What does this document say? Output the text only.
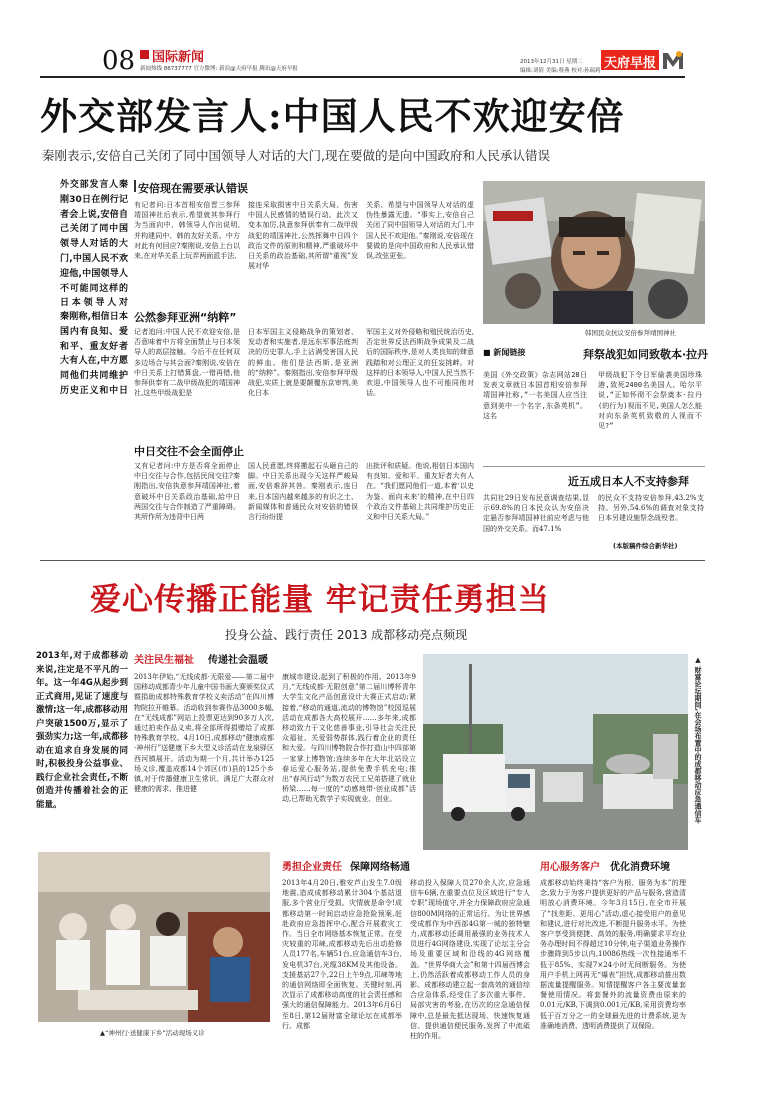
08 国际新闻
新闻热线 86737777 官方微博: 新浪@天府早报 腾讯@天府早报
2013年12月31日 星期二
编辑:刘倩 美编:蔡燕 校对:孙瑞莉 天府早报
外交部发言人:中国人民不欢迎安倍
秦刚表示,安倍自己关闭了同中国领导人对话的大门,现在要做的是向中国政府和人民承认错误
外交部发言人秦刚30日在例行记者会上说,安倍自己关闭了同中国领导人对话的大门,中国人民不欢迎他,中国领导人不可能同这样的日本领导人对
秦刚称,相信日本国内有良知、爱和平、重友好者大有人在,中方愿同他们共同维护历史正义和中日
安倍现在需要承认错误
有记者问:日本首相安倍晋三参拜靖国神社后表示,希望就其参拜行为当面向中、韩领导人作出说明,并构建同中、韩的友好关系。中方对此有何回应?秦刚说,安倍上台以来,在对华关系上玩弄两面派手法,
接连采取损害中日关系大局、伤害中国人民感情的错误行动。此次又变本加厉,执意参拜供奉有二战甲级战犯的靖国神社,公然挥舞中日四个政治文件的原则和精神,严重破坏中日关系的政治基础,其所谓“重视”发展对华
关系、希望与中国领导人对话的虚伪性暴露无遗。“事实上,安倍自己关闭了同中国领导人对话的大门,中国人民不欢迎他。”秦刚说,安倍现在要做的是向中国政府和人民承认错误,改弦更张。
公然参拜亚洲“纳粹”
记者追问:中国人民不欢迎安倍,是否意味着中方将全面禁止与日本领导人的高层接触。今后不在任何双多边场合与其会面?秦刚说,安倍在中日关系上打错算盘,一错再错,他参拜供奉有二战甲级战犯的靖国神社,这些甲级战犯是
日本军国主义侵略战争的策划者、发动者和实施者,是远东军事法庭判决的历史罪人,手上沾满受害国人民的鲜血。他们是法西斯,是亚洲的“纳粹”。秦刚指出,安倍参拜甲级战犯,实质上就是要颠覆东京审判,美化日本
军国主义对外侵略和殖民统治历史,否定世界反法西斯战争成果及二战后的国际秩序,是对人类良知的肆意践踏和对公理正义的狂妄挑衅。对这样的日本领导人,中国人民当然不欢迎,中国领导人也不可能同他对话。
中日交往不会全面停止
又有记者问:中方是否将全面停止中日交往与合作,包括民间交往?秦刚指出,安倍执意参拜靖国神社,着意破坏中日关系政治基础,給中日两国交往与合作制造了严重障碍。其所作所为违背中日两
国人民意愿,终将搬起石头砸自己的脚。中日关系出现今天这样严峻局面,安倍难辞其咎。秦刚表示,连日来,日本国内越来越多的有识之士、新闻媒体和普通民众对安倍的错误言行纷纷提
出批评和质疑。他说,相信日本国内有良知、爱和平、重友好者大有人在。“我们愿同他们一道,本着‘以史为鉴、面向未来’的精神,在中日四个政治文件基础上共同维护历史正义和中日关系大局。”
韩国民众抗议安倍参拜靖国神社
■ 新闻链接	拜祭战犯如同致敬本·拉丹
美国《外交政策》杂志网站28日发表文章就日本国首相安倍参拜靖国神社称,“一名美国人应当注意到美中一个名字,东条英机”。这名
甲级战犯下令日军偷袭美国珍珠港,致死2400名美国人。哈尔平说,“正如怀彻不会祭奠本·拉丹(的行为)视而不见,美国人怎么能对向东条英机致敬的人视而不见?”
近五成日本人不支持参拜
共同社29日发布民意调查结果,显示69.8%的日本民众认为安倍决定悬否参拜靖国神社前应考虑与他国的外交关系。而47.1%
的民众不支持安倍参拜,43.2%支持。另外,54.6%的调查对象支持日本另建设施祭念战殁者。
(本版稿件综合新华社)
爱心传播正能量 牢记责任勇担当
投身公益、践行责任 2013 成都移动亮点频现
2013年,对于成都移动来说,注定是不平凡的一年。这一年4G从起步到正式商用,见证了速度与激情;这一年,成都移动用户突破1500万,显示了强劲实力;这一年,成都移动在追求自身发展的同时,积极投身公益事业、践行企业社会责任,不断创造并传播着社会的正能量。
关注民生福祉 传递社会温暖
2013年伊始,“无线成都·无限爱——第二届中国移动成都青少年儿童中国书画大赛颁奖仪式暨捐助成都特殊教育学校义卖活动”在四川博物院拉开帷幕。活动收到参赛作品3000多幅,在“无线成都”网站上投票更达到90多万人次,通过拍卖作品义卖,将全部所得捐赠给了成都特殊教育学校。4月10日,成都移动“健康成都·神州行”送健康下乡大型义诊活动在龙泉驿区西河镇展开。活动为期一个月,共计举办125场义诊,覆盖成都14个郊区(市)县的125个乡镇,对于传播健康卫生常识、满足广大群众对健康的需求、推进健
康城市建设,起到了积极的作用。2013年9月,“无线成都·无限创意”第二届川博杯青年大学生文化产品创意设计大赛正式启动;紧接着,“移动的通道,流动的博物馆”校园巡展活动在成都各大高校展开……多年来,成都移动致力于文化慈善事业,引导社会关注民众福祉、关爱弱势群体,践行着企业的责任和大爱。与四川博物院合作打造山中四部第一家掌上博物馆;连续多年在大年北站设立春运爱心服务站,提供免费手机充电;推出“春风行动”为数万农民工兄弟搭建了就业桥梁……每一度的“动感地带·创业成都”活动,已帮助无数学子实现就业、创业。	▲ 财富论坛期间,在会场布置中的成都移动应急通信车
▲“神州行·送健康下乡”活动现场义诊
勇担企业责任 保障网络畅通
2013年4月20日,雅安芦山发生7.0级地震,造成成都移动累计304个基站退服,多个营业厅受损。灾情就是命令!成都移动第一时间启动应急抢险预案,赶赴政府应急指挥中心,配合开展救灾工作。当日全市网络基本恢复正常。在受灾较重的邛崃,成都移动先后出动抢修人员177名,车辆51台,应急通信车3台,发电机37台,光缆38KM及其他设备。支援基站27个,22日上午9点,邛崃等地的通信网络即全面恢复。关键时刻,再次显示了成都移动高度的社会责任感和强大的通信保障能力。2013年6月6日至8日,第12届财富全球论坛在成都举行。成都
移动投入保障人员270余人次,应急通信车6辆,在重要点位及区域进行“专人专职”现场值守,并全力保障政府应急通信800M网络的正常运行。为让世界感受成都作为中西部4G第一城的独特魅力,成都移动还调用最强的业务技术人员进行4G网络建设,实现了论坛主分会场及重要区域和沿线的4G网络覆盖。“世界华商大会”和第十四届西博会上,仍然活跃着成都移动工作人员的身影。成都移动建立起一套高效的通信综合应急体系,经受住了多次重大事件、局部灾害的考验,在历次的应急通信保障中,总是最先抵达现场、快速恢复通信、提供通信便民服务,发挥了中流砥柱的作用。
用心服务客户 优化消费环境
成都移动始终秉持“客户为根、服务为本”的理念,致力于为客户提供更好的产品与服务,营造清明放心消费环境。今年3月15日,在全市开展了“找差距、更用心”活动,虚心接受用户的意见和建议,进行对比改进,不断提升服务水平。为使客户享受到便捷、高效的服务,明确要求平均业务办理时间不得超过10分钟,电子渠道业务操作步骤降到5步以内,10086热线一次性接通率不低于85%、实现7×24小时无间断服务。为使用户手机上网再无“爆表”担忧,成都移动推出数据流量提醒服务。知情提醒客户各主要流量套餐使用情况。将套餐外的流量资费由原来的0.01元/KB,下调到0.001元/KB,采用资费均率低于百万分之一的全球最先进的计费系统,更为准确地消费、透明消费提供了双保险。
